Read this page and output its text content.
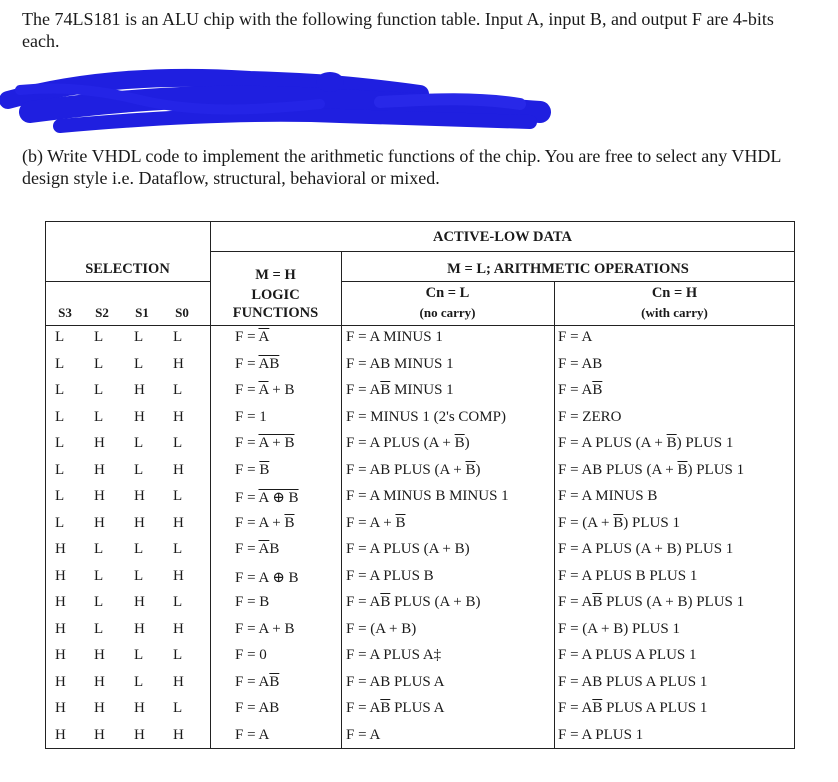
The 74LS181 is an ALU chip with the following function table. Input A, input B, and output F are 4-bits each.

(b) Write VHDL code to implement the arithmetic functions of the chip. You are free to select any VHDL design style i.e. Dataflow, structural, behavioral or mixed.

ACTIVE-LOW DATA
SELECTION	M = H
LOGIC
FUNCTIONS
M = L; ARITHMETIC OPERATIONS
Cn = L
(no carry)
Cn = H
(with carry)
S3	S2	S1	S0
L L L L	$F = \overline{A}$	F = A MINUS 1	F = A
L L L H	$F = \overline{AB}$	F = AB MINUS 1	F = AB
L L H L	$F = \overline{A} + B$	$F = A\overline{B}$ MINUS 1	$F = A\overline{B}$
L L H H	F = 1	F = MINUS 1 (2's COMP)	F = ZERO
L H L L	F = A + B	F = A PLUS $(A + \overline{B})$	F = A PLUS $(A + \overline{B})$ PLUS 1
L H L H	$F = \overline{B}$	F = AB PLUS $(A + \overline{B})$	F = AB PLUS $(A + \overline{B})$ PLUS 1
L H H L	F = A ⊕ B	F = A MINUS B MINUS 1	F = A MINUS B
L H H H	$F = A + \overline{B}$	$F = A + \overline{B}$	$F = (A + \overline{B})$ PLUS 1
H L L L	$F = \overline{A}B$	F = A PLUS (A + B)	F = A PLUS (A + B) PLUS 1
H L L H	F = A ⊕ B	F = A PLUS B	F = A PLUS B PLUS 1
H L H L	F = B	$F = A\overline{B}$ PLUS (A + B)	$F = A\overline{B}$ PLUS (A + B) PLUS 1
H L H H	F = A + B	F = (A + B)	F = (A + B) PLUS 1
H H L L	F = 0	F = A PLUS A‡	F = A PLUS A PLUS 1
H H L H	$F = A\overline{B}$	F = AB PLUS A	F = AB PLUS A PLUS 1
H H H L	F = AB	$F = A\overline{B}$ PLUS A	$F = A\overline{B}$ PLUS A PLUS 1
H H H H	F = A	F = A	F = A PLUS 1
